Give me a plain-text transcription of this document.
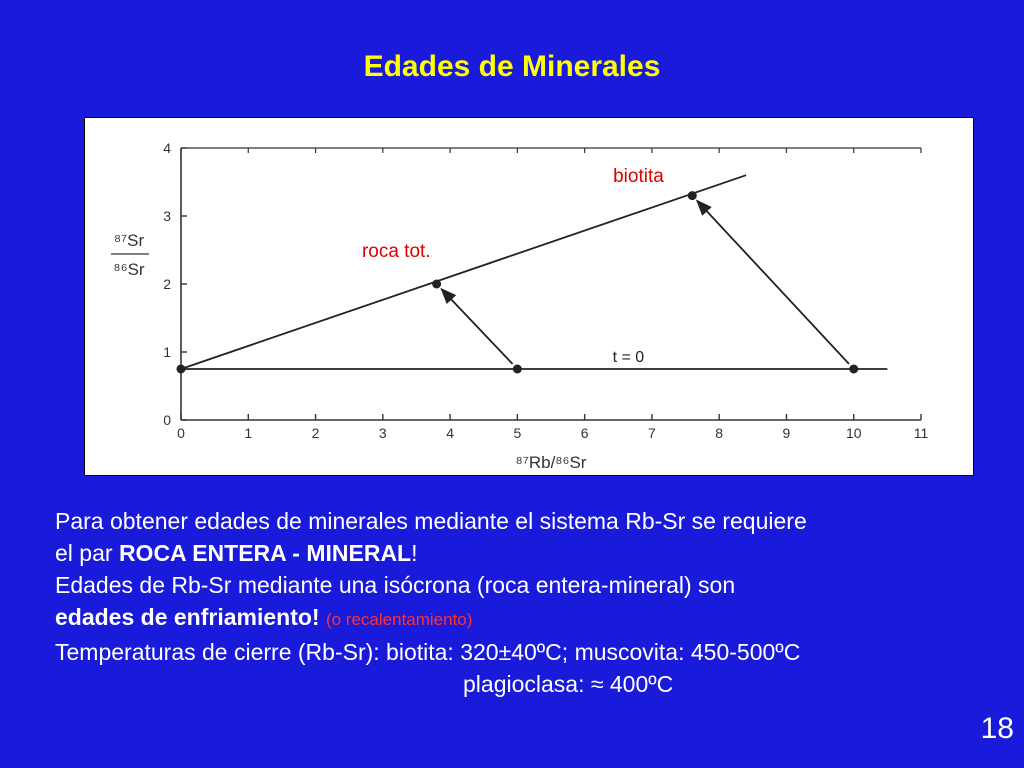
Edades de Minerales
0	1	2	3	4	5	6	7	8	9	10	11
0
1
2
3
4
t = 0
roca tot.
biotita
⁸⁷Rb/⁸⁶Sr
⁸⁷Sr
⁸⁶Sr
Para obtener edades de minerales mediante el sistema Rb-Sr se requiere
el par ROCA ENTERA - MINERAL!
Edades de Rb-Sr mediante una isócrona (roca entera-mineral) son
edades de enfriamiento! (o recalentamiento)
Temperaturas de cierre (Rb-Sr): biotita: 320±40ºC; muscovita: 450-500ºC
plagioclasa: ≈ 400ºC
18
